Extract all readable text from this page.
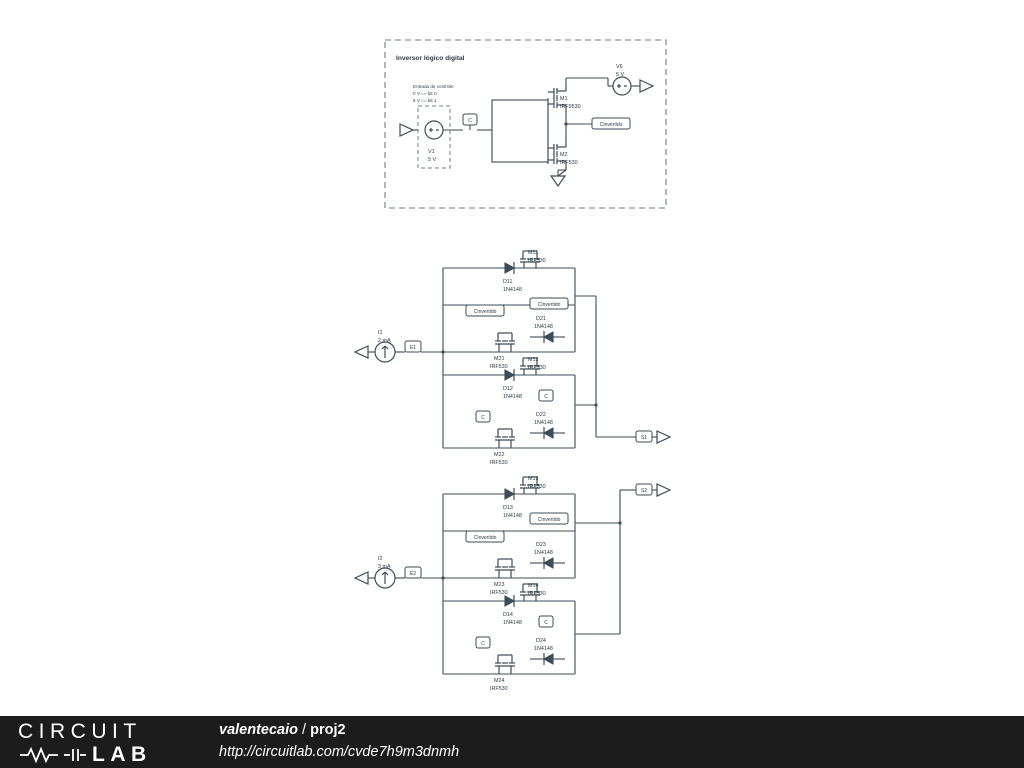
Inversor lógico digital
Entrada de controle:
0 V == bit 0
5 V == bit 1
V1
5 V
C
M1
IRF9530
V6
5 V
CInvertido
M2
IRF530
I1
2 mA
E1
D11
1N4148
M11
IRF530
CInvertido
CInvertido
M21
IRF530
D21
1N4148
D12
1N4148
M12
IRF530
C
C
M22
IRF530
D22
1N4148
I2
3 mA
E2
D13
1N4148
M13
IRF530
CInvertido
CInvertido
M23
IRF530
D23
1N4148
D14
1N4148
M14
IRF530
C
C
M24
IRF530
D24
1N4148
S1
S2
CIRCUIT
LAB
valentecaio / proj2
http://circuitlab.com/cvde7h9m3dnmh
